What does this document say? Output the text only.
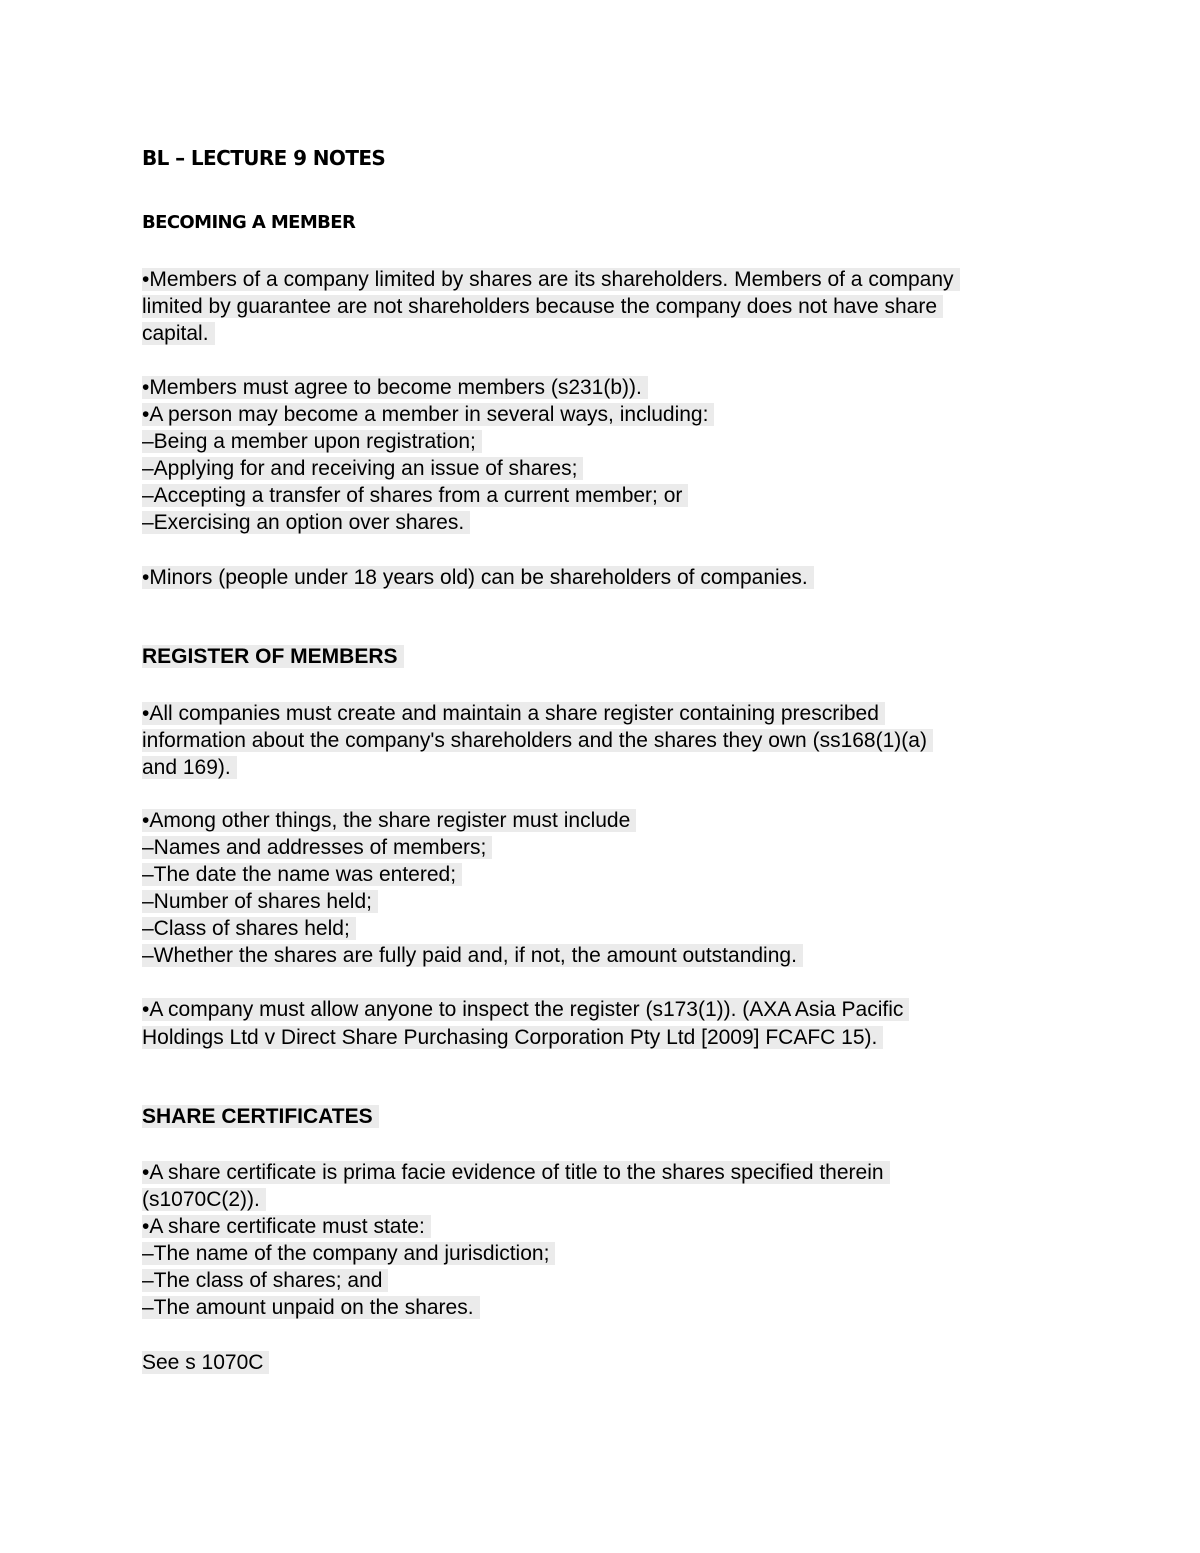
BL – LECTURE 9 NOTES
BECOMING A MEMBER
•Members of a company limited by shares are its shareholders. Members of a company
limited by guarantee are not shareholders because the company does not have share
capital.
•Members must agree to become members (s231(b)).
•A person may become a member in several ways, including:
–Being a member upon registration;
–Applying for and receiving an issue of shares;
–Accepting a transfer of shares from a current member; or
–Exercising an option over shares.
•Minors (people under 18 years old) can be shareholders of companies.
REGISTER OF MEMBERS
•All companies must create and maintain a share register containing prescribed
information about the company's shareholders and the shares they own (ss168(1)(a)
and 169).
•Among other things, the share register must include
–Names and addresses of members;
–The date the name was entered;
–Number of shares held;
–Class of shares held;
–Whether the shares are fully paid and, if not, the amount outstanding.
•A company must allow anyone to inspect the register (s173(1)). (AXA Asia Pacific
Holdings Ltd v Direct Share Purchasing Corporation Pty Ltd [2009] FCAFC 15).
SHARE CERTIFICATES
•A share certificate is prima facie evidence of title to the shares specified therein
(s1070C(2)).
•A share certificate must state:
–The name of the company and jurisdiction;
–The class of shares; and
–The amount unpaid on the shares.
See s 1070C
